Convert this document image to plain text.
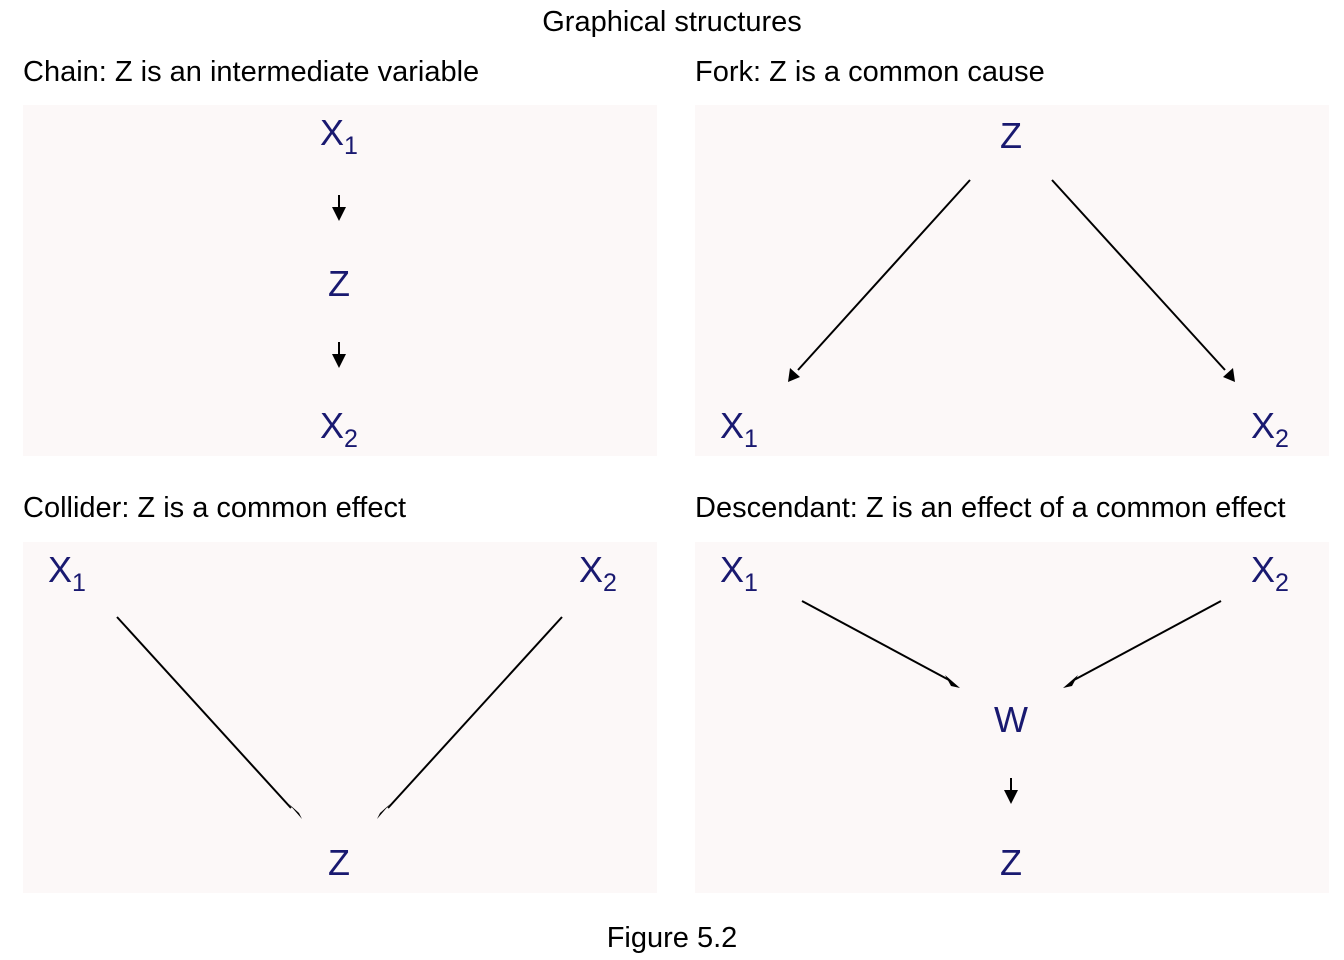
Graphical structures
Chain: Z is an intermediate variable	Fork: Z is a common cause
Collider: Z is a common effect	Descendant: Z is an effect of a common effect
$X_1$
Z
$X_2$
Z
$X_1$	$X_2$
$X_1$	$X_2$
Z
$X_1$	$X_2$
W
Z
Figure 5.2
